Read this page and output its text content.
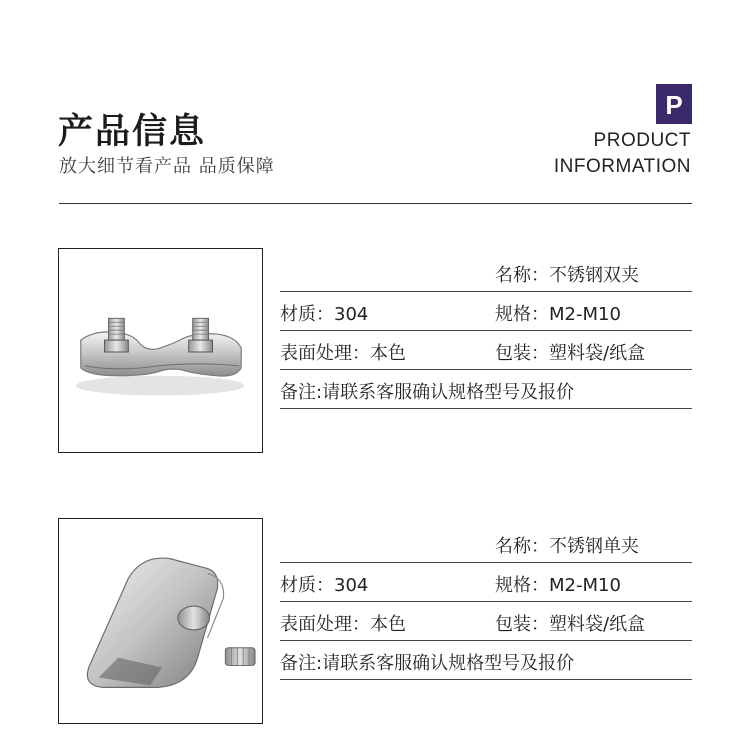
产品信息
放大细节看产品 品质保障
P
PRODUCT
INFORMATION
名称：不锈钢双夹
材质：304	规格：M2-M10
表面处理：本色	包装：塑料袋/纸盒
备注:请联系客服确认规格型号及报价
名称：不锈钢单夹
材质：304	规格：M2-M10
表面处理：本色	包装：塑料袋/纸盒
备注:请联系客服确认规格型号及报价
